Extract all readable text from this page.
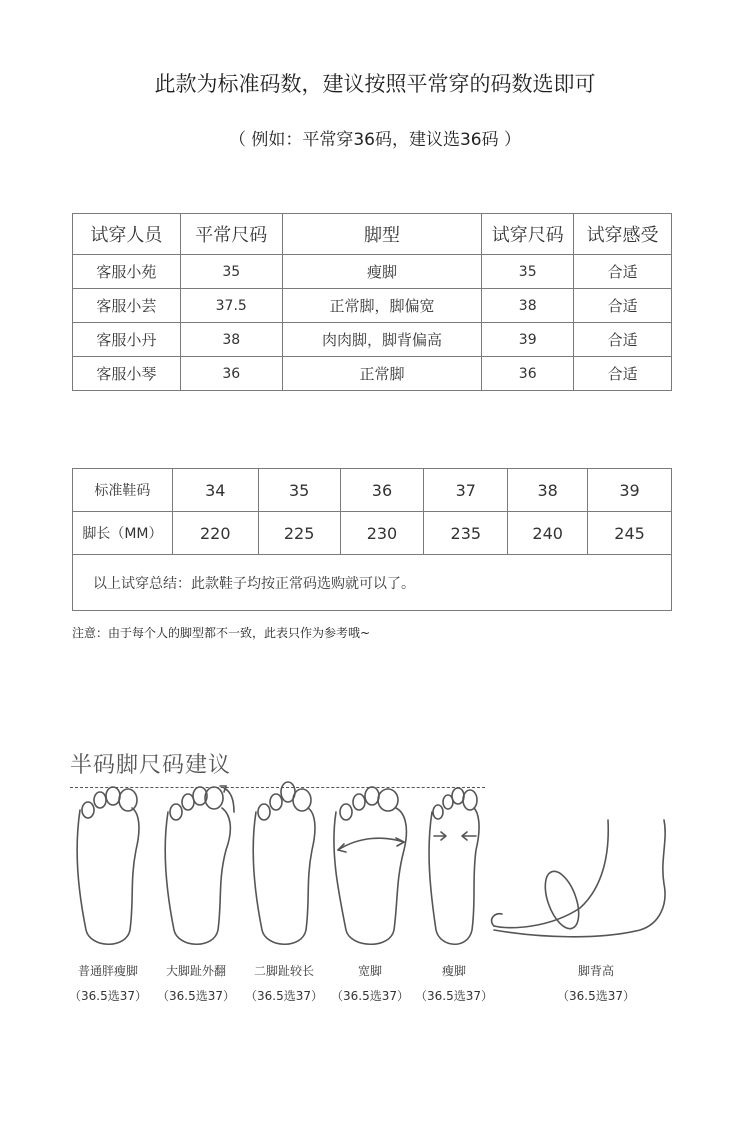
此款为标准码数，建议按照平常穿的码数选即可
（ 例如：平常穿36码，建议选36码 ）
试穿人员	平常尺码	脚型	试穿尺码	试穿感受
客服小苑	35	瘦脚	35	合适
客服小芸	37.5	正常脚，脚偏宽	38	合适
客服小丹	38	肉肉脚，脚背偏高	39	合适
客服小琴	36	正常脚	36	合适
标准鞋码	34	35	36	37	38	39
脚长（MM）	220	225	230	235	240	245
以上试穿总结：此款鞋子均按正常码选购就可以了。						
注意：由于每个人的脚型都不一致，此表只作为参考哦~
半码脚尺码建议
普通胖瘦脚
（36.5选37）
大脚趾外翻
（36.5选37）
二脚趾较长
（36.5选37）
宽脚
（36.5选37）
瘦脚
（36.5选37）
脚背高
（36.5选37）
